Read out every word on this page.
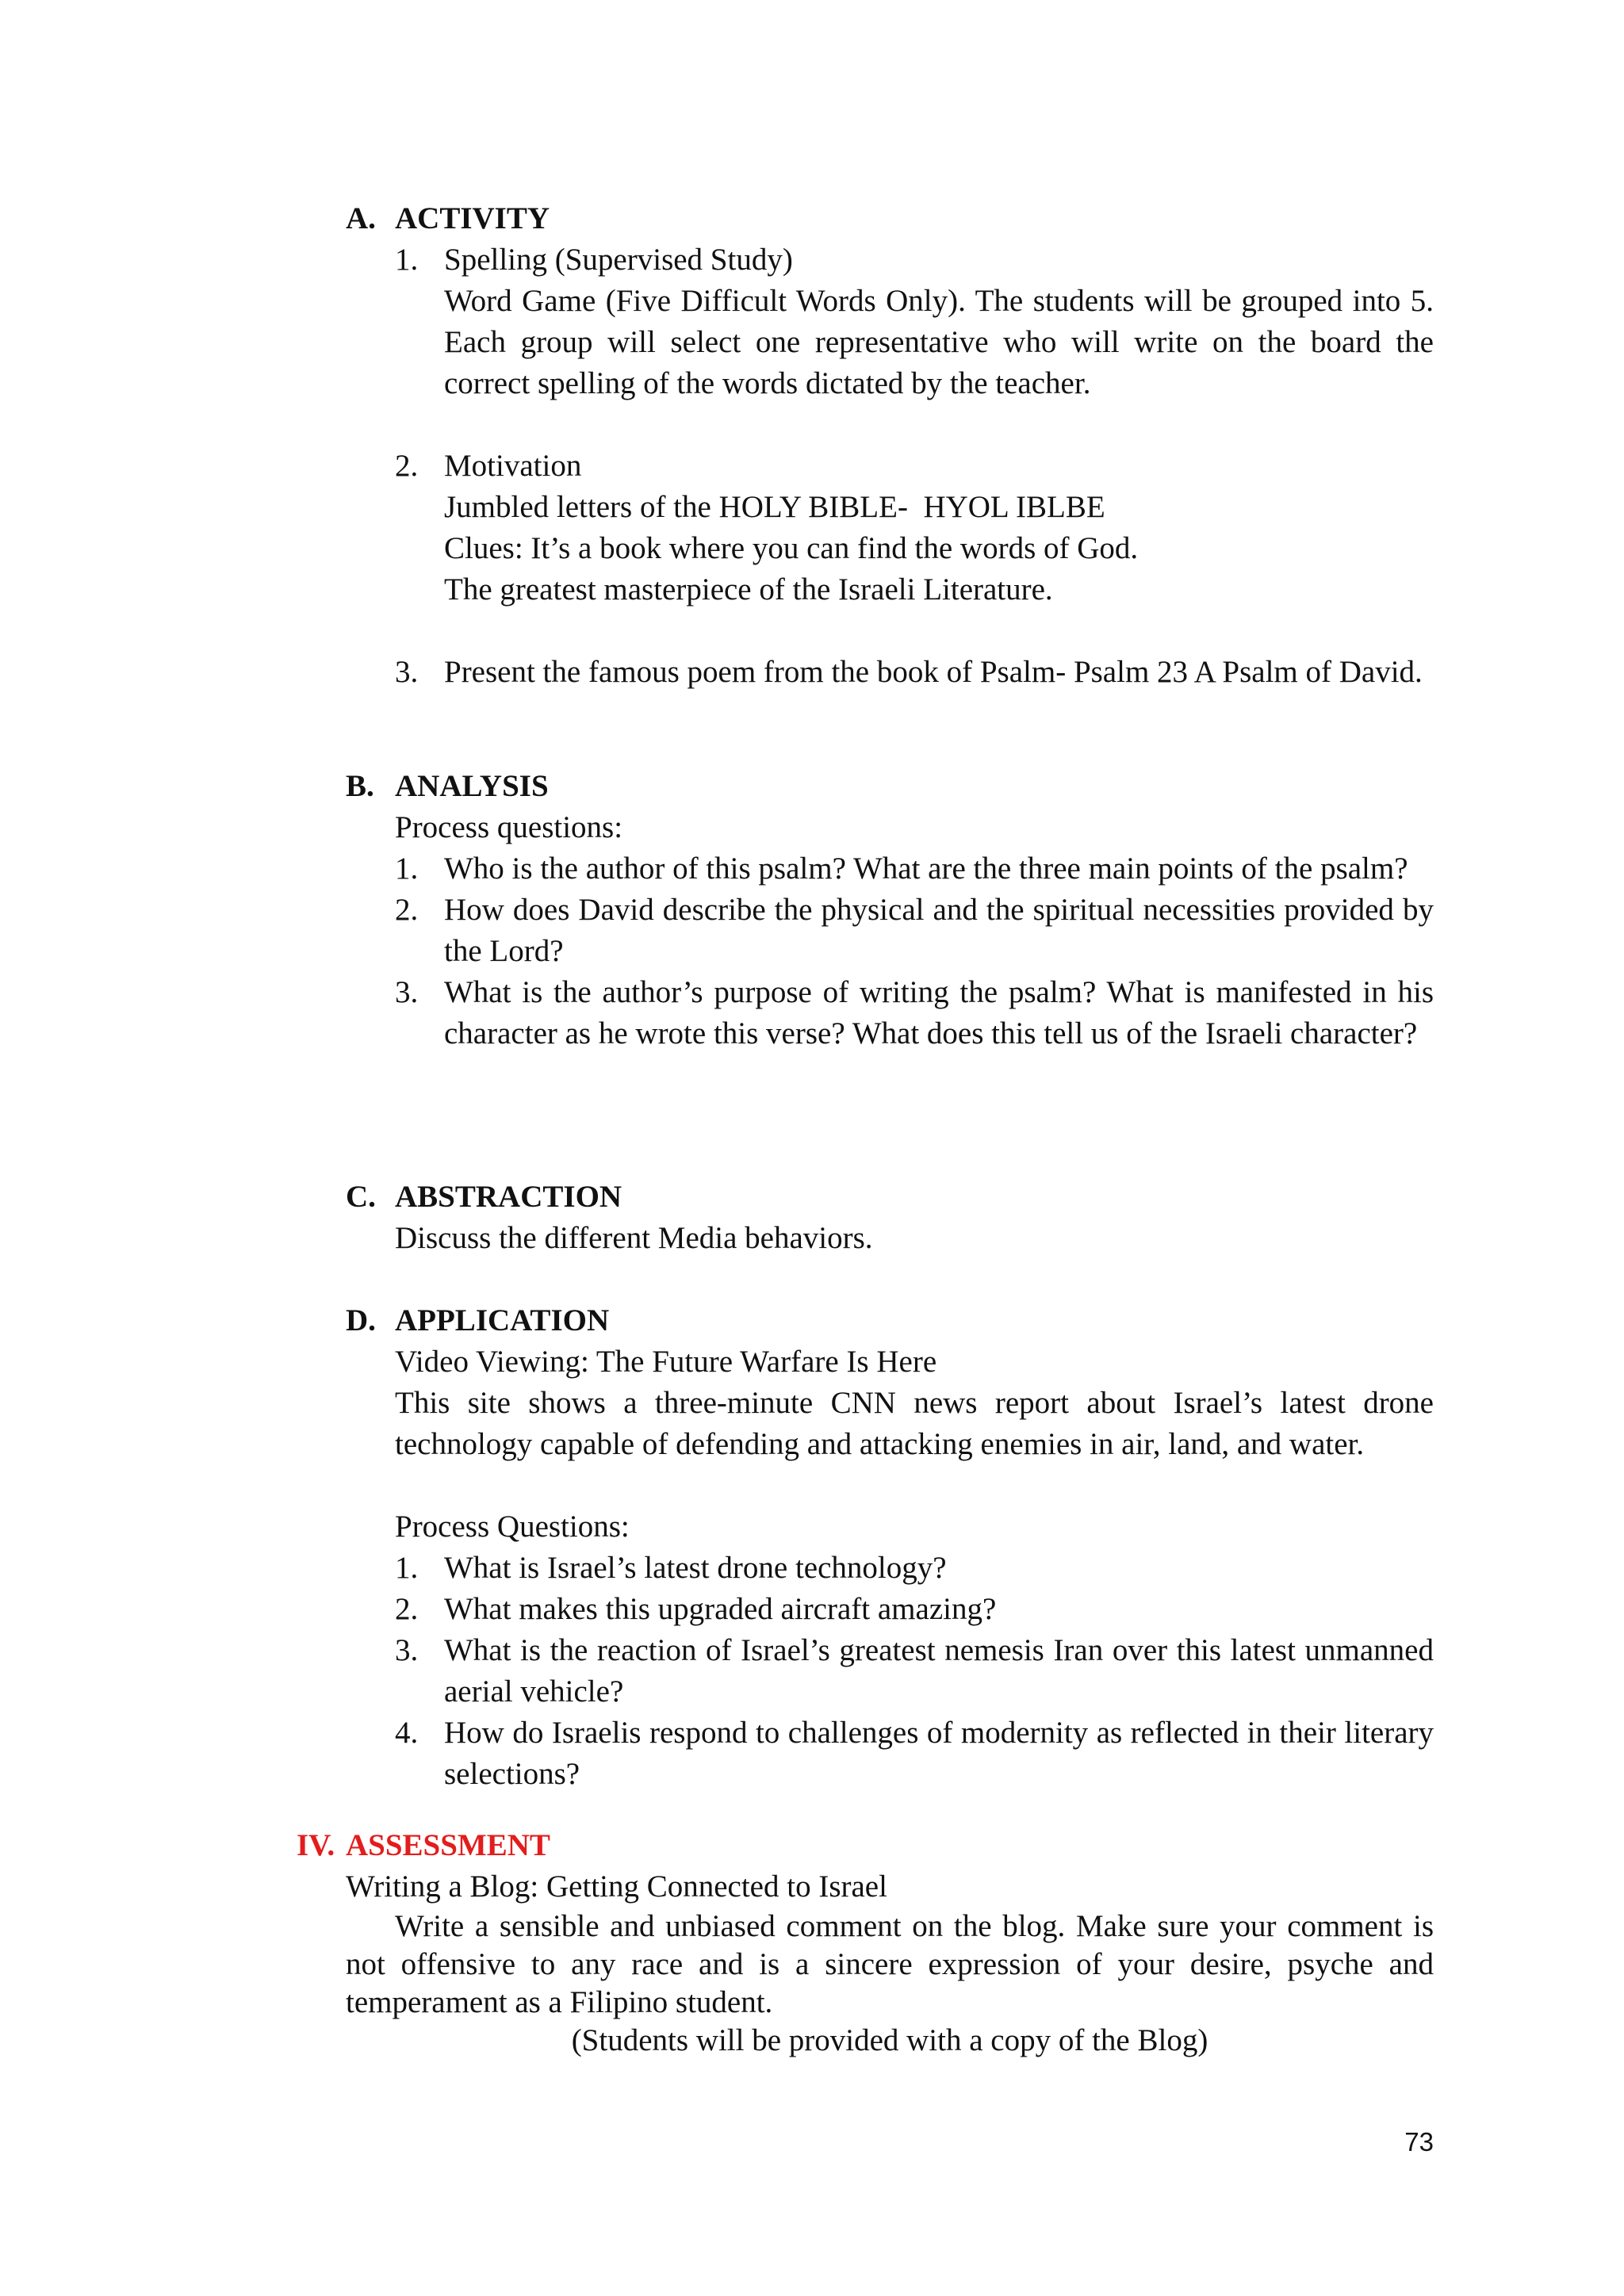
A. ACTIVITY
1. Spelling (Supervised Study)

Word Game (Five Difficult Words Only). The students will be grouped into 5. Each group will select one representative who will write on the board the correct spelling of the words dictated by the teacher.

2. Motivation

Jumbled letters of the HOLY BIBLE-  HYOL IBLBE

Clues: It’s a book where you can find the words of God.

The greatest masterpiece of the Israeli Literature.

3. Present the famous poem from the book of Psalm- Psalm 23 A Psalm of David.

B. ANALYSIS

Process questions:

1. Who is the author of this psalm? What are the three main points of the psalm?

2. How does David describe the physical and the spiritual necessities provided by the Lord?

3. What is the author’s purpose of writing the psalm? What is manifested in his character as he wrote this verse? What does this tell us of the Israeli character?

C. ABSTRACTION

Discuss the different Media behaviors.

D. APPLICATION

Video Viewing: The Future Warfare Is Here

This site shows a three-minute CNN news report about Israel’s latest drone technology capable of defending and attacking enemies in air, land, and water.

Process Questions:

1. What is Israel’s latest drone technology?

2. What makes this upgraded aircraft amazing?

3. What is the reaction of Israel’s greatest nemesis Iran over this latest unmanned aerial vehicle?

4. How do Israelis respond to challenges of modernity as reflected in their literary selections?

IV. ASSESSMENT

Writing a Blog: Getting Connected to Israel

Write a sensible and unbiased comment on the blog. Make sure your comment is not offensive to any race and is a sincere expression of your desire, psyche and temperament as a Filipino student.

(Students will be provided with a copy of the Blog)

73
